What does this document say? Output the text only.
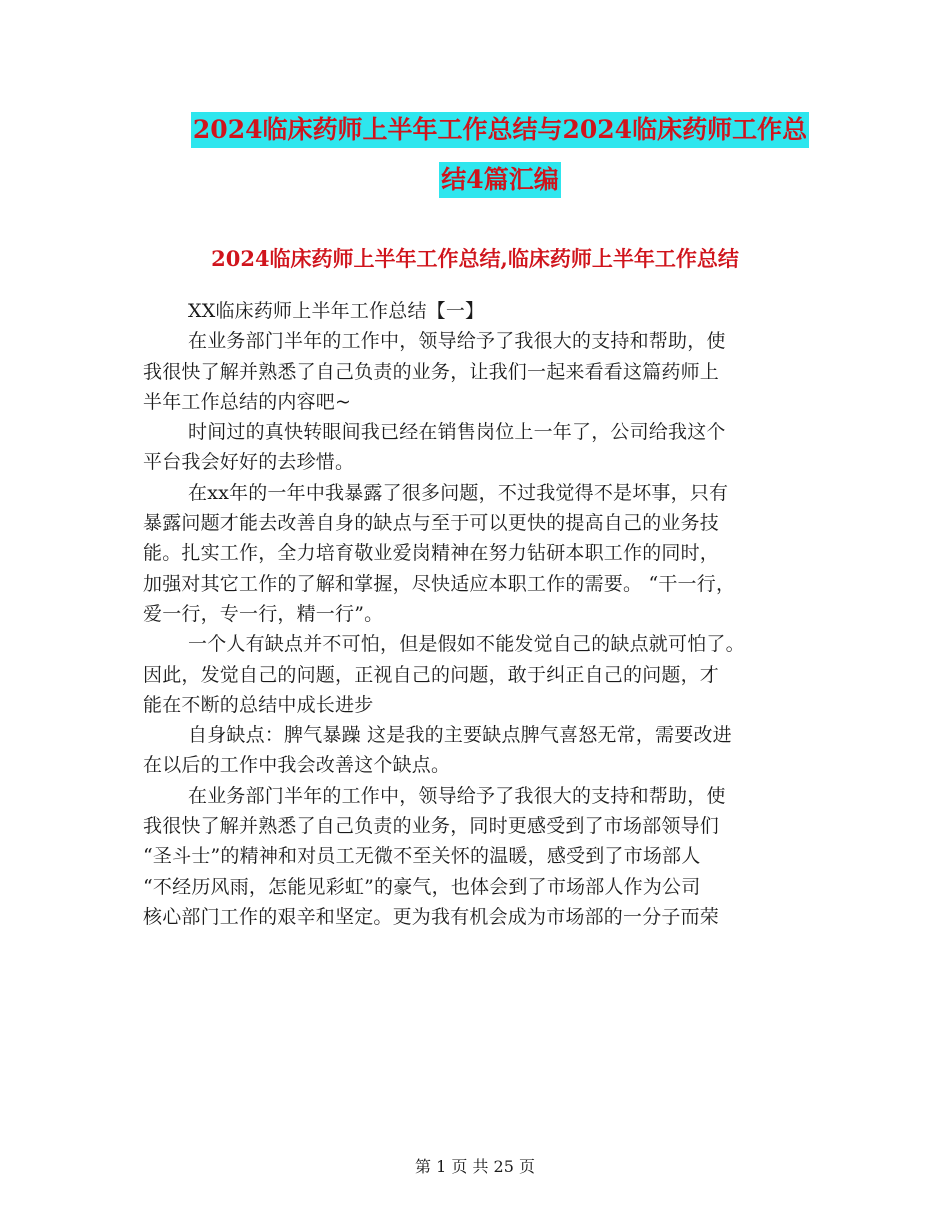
2024临床药师上半年工作总结与2024临床药师工作总
结4篇汇编
2024临床药师上半年工作总结,临床药师上半年工作总结
XX临床药师上半年工作总结【一】
在业务部门半年的工作中，领导给予了我很大的支持和帮助，使
我很快了解并熟悉了自己负责的业务，让我们一起来看看这篇药师上
半年工作总结的内容吧~
时间过的真快转眼间我已经在销售岗位上一年了，公司给我这个
平台我会好好的去珍惜。
在xx年的一年中我暴露了很多问题，不过我觉得不是坏事，只有
暴露问题才能去改善自身的缺点与至于可以更快的提高自己的业务技
能。扎实工作，全力培育敬业爱岗精神在努力钻研本职工作的同时，
加强对其它工作的了解和掌握，尽快适应本职工作的需要。 “干一行，
爱一行，专一行，精一行”。
一个人有缺点并不可怕，但是假如不能发觉自己的缺点就可怕了。
因此，发觉自己的问题，正视自己的问题，敢于纠正自己的问题，才
能在不断的总结中成长进步
自身缺点：脾气暴躁 这是我的主要缺点脾气喜怒无常，需要改进
在以后的工作中我会改善这个缺点。
在业务部门半年的工作中，领导给予了我很大的支持和帮助，使
我很快了解并熟悉了自己负责的业务，同时更感受到了市场部领导们
“圣斗士”的精神和对员工无微不至关怀的温暖，感受到了市场部人
“不经历风雨，怎能见彩虹”的豪气，也体会到了市场部人作为公司
核心部门工作的艰辛和坚定。更为我有机会成为市场部的一分子而荣
第 1 页 共 25 页
